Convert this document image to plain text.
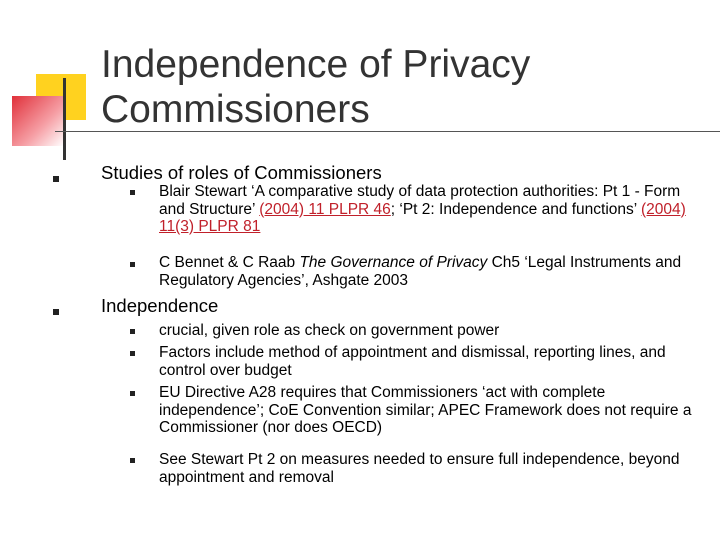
Independence of Privacy
Commissioners

Studies of roles of Commissioners

Blair Stewart ‘A comparative study of data protection authorities: Pt 1 - Form and Structure’ (2004) 11 PLPR 46; ‘Pt 2: Independence and functions’ (2004) 11(3) PLPR 81

C Bennet & C Raab The Governance of Privacy Ch5 ‘Legal Instruments and Regulatory Agencies’, Ashgate 2003

Independence

crucial, given role as check on government power

Factors include method of appointment and dismissal, reporting lines, and control over budget

EU Directive A28 requires that Commissioners ‘act with complete independence’; CoE Convention similar; APEC Framework does not require a Commissioner (nor does OECD)

See Stewart Pt 2 on measures needed to ensure full independence, beyond appointment and removal
